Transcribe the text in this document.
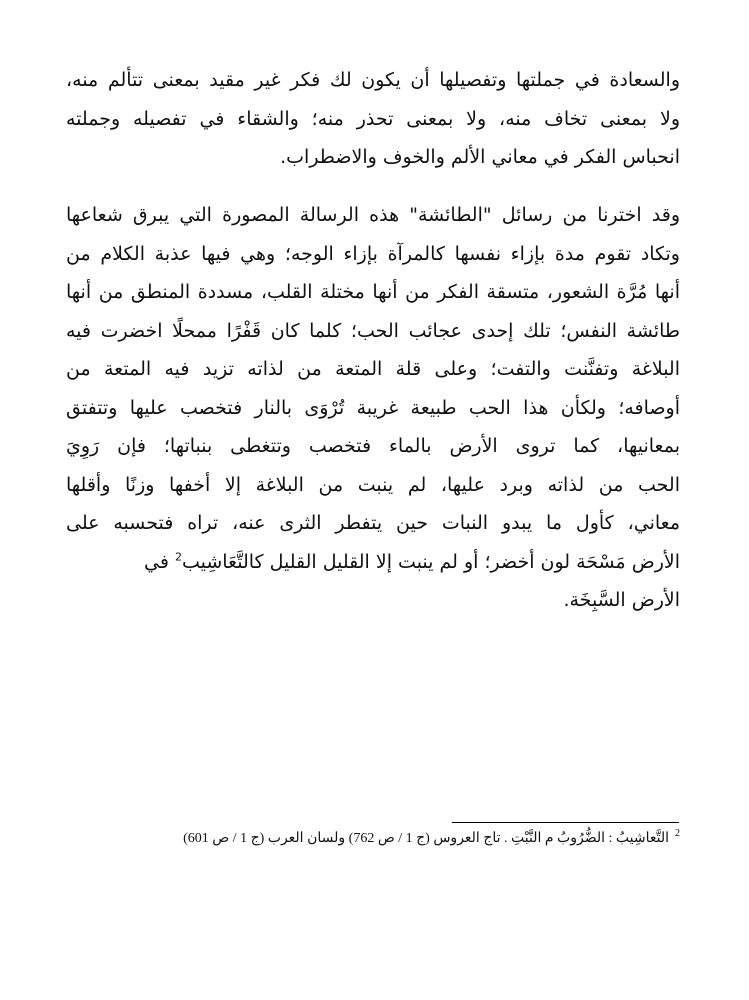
والسعادة في جملتها وتفصيلها أن يكون لك فكر غير مقيد بمعنى تتألم منه،
ولا بمعنى تخاف منه، ولا بمعنى تحذر منه؛ والشقاء في تفصيله وجملته
انحباس الفكر في معاني الألم والخوف والاضطراب.
وقد اخترنا من رسائل "الطائشة" هذه الرسالة المصورة التي يبرق شعاعها
وتكاد تقوم مدة بإزاء نفسها كالمرآة بإزاء الوجه؛ وهي فيها عذبة الكلام من
أنها مُرَّة الشعور، متسقة الفكر من أنها مختلة القلب، مسددة المنطق من أنها
طائشة النفس؛ تلك إحدى عجائب الحب؛ كلما كان قَفْرًا ممحلًا اخضرت فيه
البلاغة وتفنَّنت والتفت؛ وعلى قلة المتعة من لذاته تزيد فيه المتعة من
أوصافه؛ ولكأن هذا الحب طبيعة غريبة تُرْوَى بالنار فتخصب عليها وتتفتق
بمعانيها، كما تروى الأرض بالماء فتخصب وتتغطى بنباتها؛ فإن رَوِيَ
الحب من لذاته وبرد عليها، لم ينبت من البلاغة إلا أخفها وزنًا وأقلها
معاني، كأول ما يبدو النبات حين يتفطر الثرى عنه، تراه فتحسبه على
الأرض مَسْحَة لون أخضر؛ أو لم ينبت إلا القليل القليل كالتَّعَاشِيب$^2$ في
الأرض السَّبِخَة.
$^2$التَّعاشِيبُ : الضُّرُوبُ م النَّبْتِ . تاج العروس (ج 1 / ص 762) ولسان العرب (ج 1 / ص 601)
